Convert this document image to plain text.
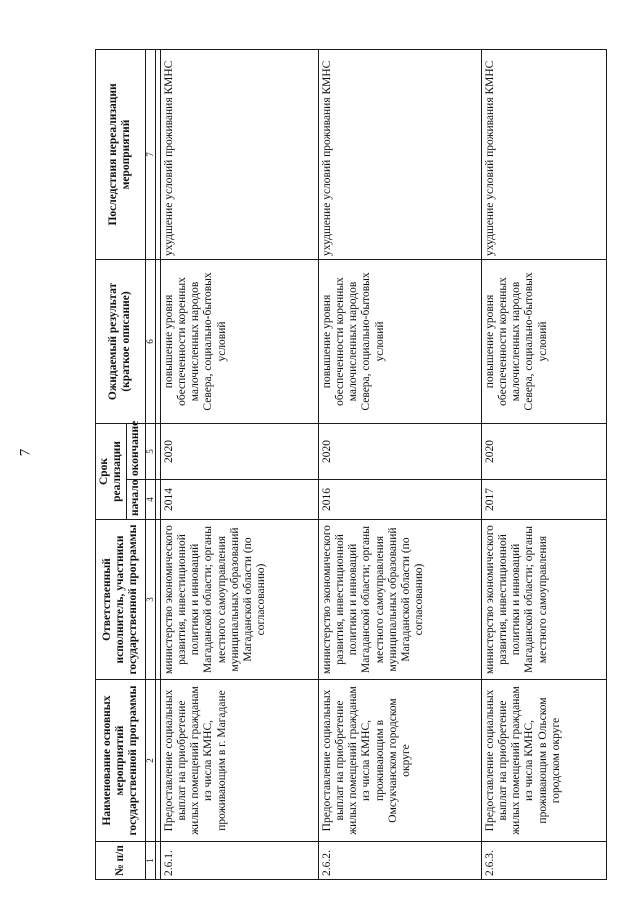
7
№ п/п	Наименование основных мероприятий государственной программы	Ответственный исполнитель, участники государственной программы	Срок реализации		Ожидаемый результат (краткое описание)	Последствия нереализации мероприятий
			начало	окончание		
1	2	3	4	5	6	7

2.6.1.	Предоставление социальных выплат на приобретение жилых помещений гражданам из числа КМНС, проживающим в г. Магадане	министерство экономического развития, инвестиционной политики и инноваций Магаданской области; органы местного самоуправления муниципальных образований Магаданской области (по согласованию)	2014	2020	повышение уровня обеспеченности коренных малочисленных народов Севера, социально-бытовых условий	ухудшение условий проживания КМНС
2.6.2.	Предоставление социальных выплат на приобретение жилых помещений гражданам из числа КМНС, проживающим в Омсукчанском городском округе	министерство экономического развития, инвестиционной политики и инноваций Магаданской области; органы местного самоуправления муниципальных образований Магаданской области (по согласованию)	2016	2020	повышение уровня обеспеченности коренных малочисленных народов Севера, социально-бытовых условий	ухудшение условий проживания КМНС
2.6.3.	Предоставление социальных выплат на приобретение жилых помещений гражданам из числа КМНС, проживающим в Ольском городском округе	министерство экономического развития, инвестиционной политики и инноваций Магаданской области; органы местного самоуправления	2017	2020	повышение уровня обеспеченности коренных малочисленных народов Севера, социально-бытовых условий	ухудшение условий проживания КМНС
